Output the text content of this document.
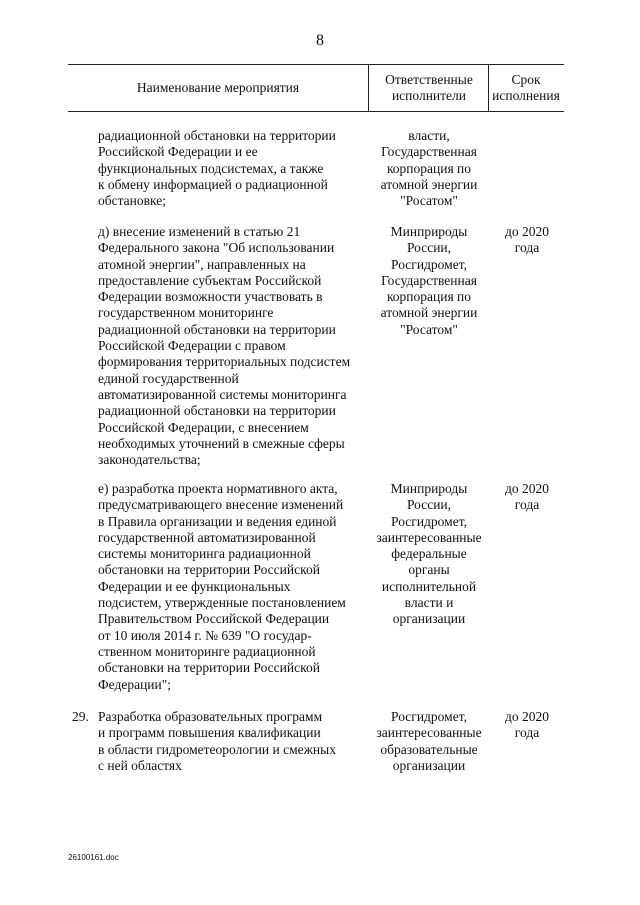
8
Наименование мероприятия
Ответственные
исполнители
Срок
исполнения
радиационной обстановки на территории
Российской Федерации и ее
функциональных подсистемах, а также
к обмену информацией о радиационной
обстановке;
власти,
Государственная
корпорация по
атомной энергии
"Росатом"
д) внесение изменений в статью 21
Федерального закона "Об использовании
атомной энергии", направленных на
предоставление субъектам Российской
Федерации возможности участвовать в
государственном мониторинге
радиационной обстановки на территории
Российской Федерации с правом
формирования территориальных подсистем
единой государственной
автоматизированной системы мониторинга
радиационной обстановки на территории
Российской Федерации, с внесением
необходимых уточнений в смежные сферы
законодательства;
Минприроды
России,
Росгидромет,
Государственная
корпорация по
атомной энергии
"Росатом"
до 2020
года
е) разработка проекта нормативного акта,
предусматривающего внесение изменений
в Правила организации и ведения единой
государственной автоматизированной
системы мониторинга радиационной
обстановки на территории Российской
Федерации и ее функциональных
подсистем, утвержденные постановлением
Правительством Российской Федерации
от 10 июля 2014 г. № 639 "О государ-
ственном мониторинге радиационной
обстановки на территории Российской
Федерации";
Минприроды
России,
Росгидромет,
заинтересованные
федеральные
органы
исполнительной
власти и
организации
до 2020
года
29. Разработка образовательных программ
и программ повышения квалификации
в области гидрометеорологии и смежных
с ней областях
Росгидромет,
заинтересованные
образовательные
организации
до 2020
года
26100161.doc
